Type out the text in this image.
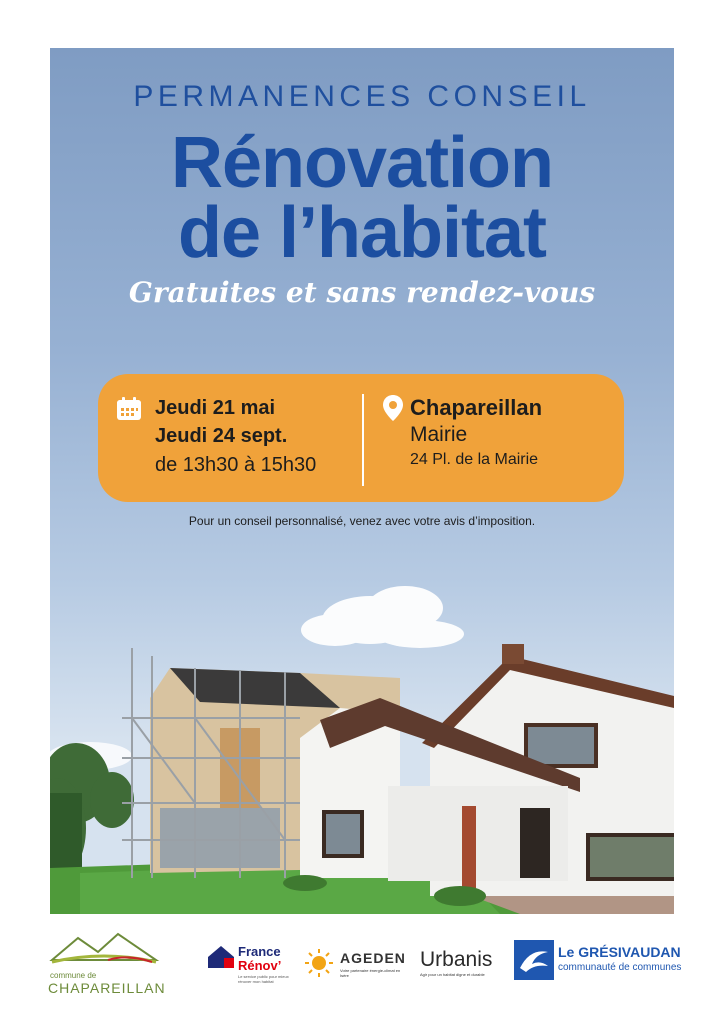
PERMANENCES CONSEIL
Rénovation
de l’habitat
Gratuites et sans rendez-vous
Jeudi 21 mai
Jeudi 24 sept.
de 13h30 à 15h30
Chapareillan
Mairie
24 Pl. de la Mairie
Pour un conseil personnalisé, venez avec votre avis d’imposition.
commune de
CHAPAREILLAN
France
Rénov’
Le service public pour mieux rénover mon habitat
AGEDEN
Votre partenaire énergie-climat en Isère
Urbanis
Agir pour un habitat digne et durable
Le GRÉSIVAUDAN
communauté de communes
